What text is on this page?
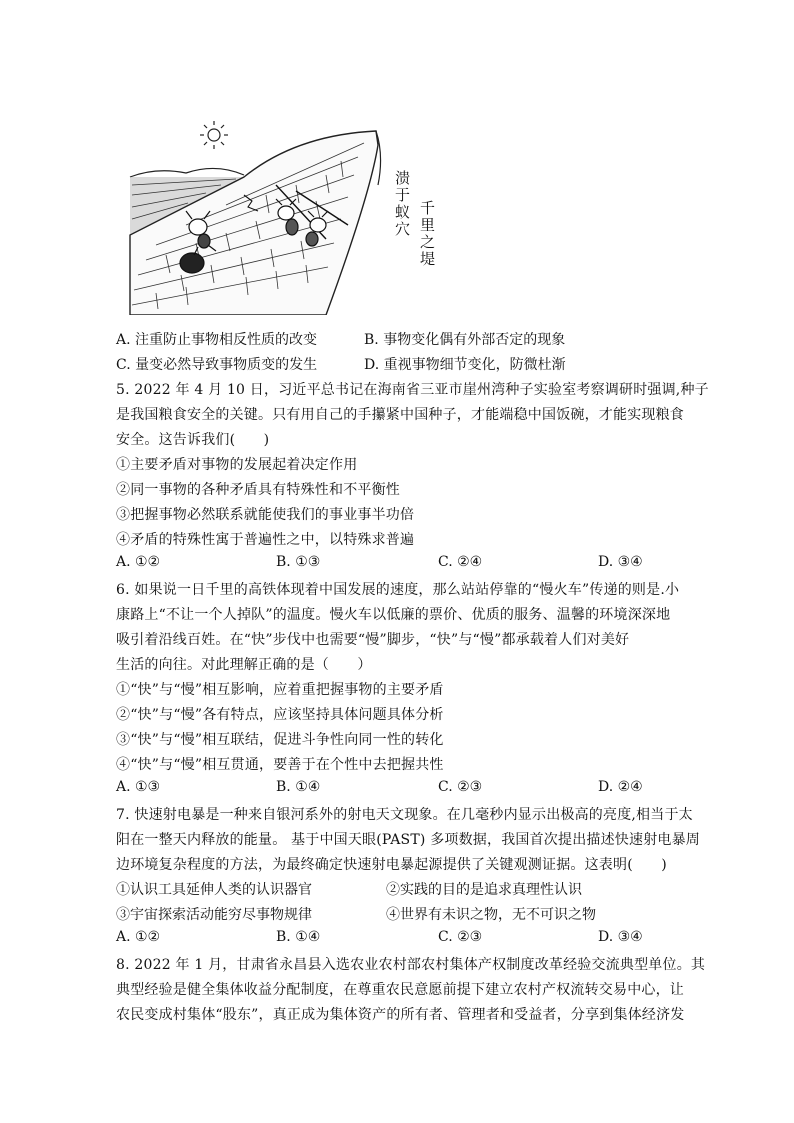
千里之堤
溃于蚁穴
A. 注重防止事物相反性质的改变	B. 事物变化偶有外部否定的现象
C. 量变必然导致事物质变的发生	D. 重视事物细节变化，防微杜渐
5. 2022 年 4 月 10 日，习近平总书记在海南省三亚市崖州湾种子实验室考察调研时强调,种子
是我国粮食安全的关键。只有用自己的手攥紧中国种子，才能端稳中国饭碗，才能实现粮食
安全。这告诉我们(　　)
①主要矛盾对事物的发展起着决定作用
②同一事物的各种矛盾具有特殊性和不平衡性
③把握事物必然联系就能使我们的事业事半功倍
④矛盾的特殊性寓于普遍性之中，以特殊求普遍
A. ①②	B. ①③	C. ②④	D. ③④
6. 如果说一日千里的高铁体现着中国发展的速度，那么站站停靠的“慢火车”传递的则是.小
康路上“不让一个人掉队”的温度。慢火车以低廉的票价、优质的服务、温馨的环境深深地
吸引着沿线百姓。在“快”步伐中也需要“慢”脚步，“快”与“慢”都承载着人们对美好
生活的向往。对此理解正确的是（　　）
①“快”与“慢”相互影响，应着重把握事物的主要矛盾
②“快”与“慢”各有特点，应该坚持具体问题具体分析
③“快”与“慢”相互联结，促进斗争性向同一性的转化
④“快”与“慢”相互贯通，要善于在个性中去把握共性
A. ①③	B. ①④	C. ②③	D. ②④
7. 快速射电暴是一种来自银河系外的射电天文现象。在几毫秒内显示出极高的亮度,相当于太
阳在一整天内释放的能量。 基于中国天眼(PAST) 多项数据，我国首次提出描述快速射电暴周
边环境复杂程度的方法，为最终确定快速射电暴起源提供了关键观测证据。这表明(　　)
①认识工具延伸人类的认识器官	②实践的目的是追求真理性认识
③宇宙探索活动能穷尽事物规律	④世界有未识之物，无不可识之物
A. ①②	B. ①④	C. ②③	D. ③④
8. 2022 年 1 月，甘肃省永昌县入选农业农村部农村集体产权制度改革经验交流典型单位。其
典型经验是健全集体收益分配制度，在尊重农民意愿前提下建立农村产权流转交易中心，让
农民变成村集体“股东”，真正成为集体资产的所有者、管理者和受益者，分享到集体经济发
